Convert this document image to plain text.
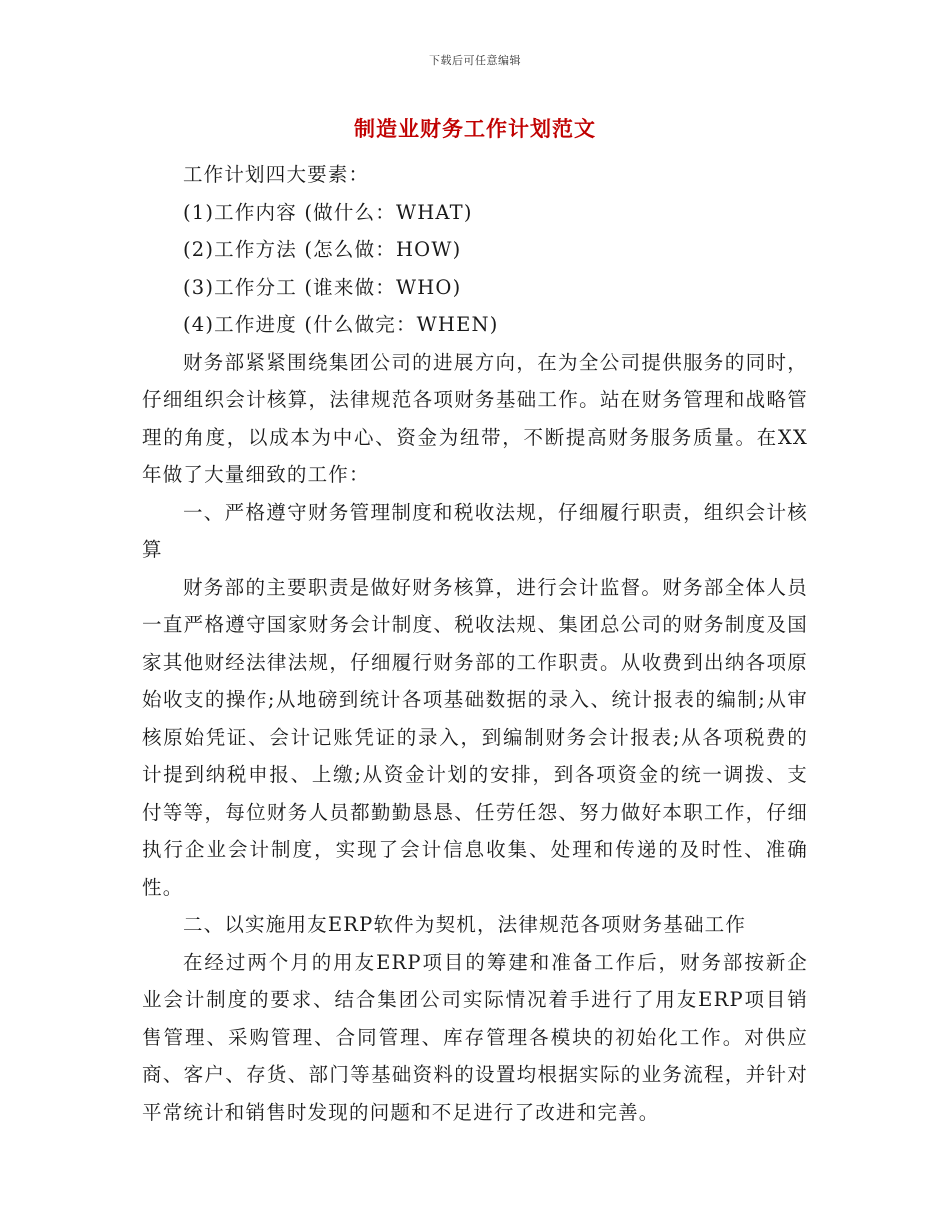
下载后可任意编辑
制造业财务工作计划范文

工作计划四大要素：

(1)工作内容 (做什么：WHAT)

(2)工作方法 (怎么做：HOW)

(3)工作分工 (谁来做：WHO)

(4)工作进度 (什么做完：WHEN)

财务部紧紧围绕集团公司的进展方向，在为全公司提供服务的同时，仔细组织会计核算，法律规范各项财务基础工作。站在财务管理和战略管理的角度，以成本为中心、资金为纽带，不断提高财务服务质量。在XX年做了大量细致的工作：

一、严格遵守财务管理制度和税收法规，仔细履行职责，组织会计核算

财务部的主要职责是做好财务核算，进行会计监督。财务部全体人员一直严格遵守国家财务会计制度、税收法规、集团总公司的财务制度及国家其他财经法律法规，仔细履行财务部的工作职责。从收费到出纳各项原始收支的操作;从地磅到统计各项基础数据的录入、统计报表的编制;从审核原始凭证、会计记账凭证的录入，到编制财务会计报表;从各项税费的计提到纳税申报、上缴;从资金计划的安排，到各项资金的统一调拨、支付等等，每位财务人员都勤勤恳恳、任劳任怨、努力做好本职工作，仔细执行企业会计制度，实现了会计信息收集、处理和传递的及时性、准确性。

二、以实施用友ERP软件为契机，法律规范各项财务基础工作

在经过两个月的用友ERP项目的筹建和准备工作后，财务部按新企业会计制度的要求、结合集团公司实际情况着手进行了用友ERP项目销售管理、采购管理、合同管理、库存管理各模块的初始化工作。对供应商、客户、存货、部门等基础资料的设置均根据实际的业务流程，并针对平常统计和销售时发现的问题和不足进行了改进和完善。
